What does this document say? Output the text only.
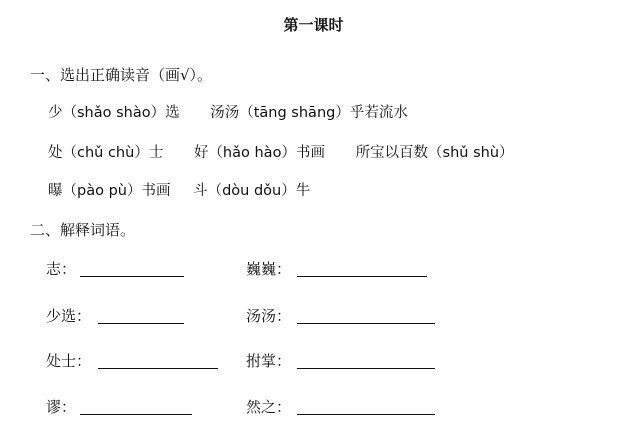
第一课时
一、选出正确读音（画√）。
少（shǎo shào）选 汤汤（tāng shāng）乎若流水
处（chǔ chù）士 好（hǎo hào）书画 所宝以百数（shǔ shù）
曝（pào pù）书画 斗（dòu dǒu）牛
二、解释词语。
志：
少选：
处士：
谬：
巍巍：
汤汤：
拊掌：
然之：
